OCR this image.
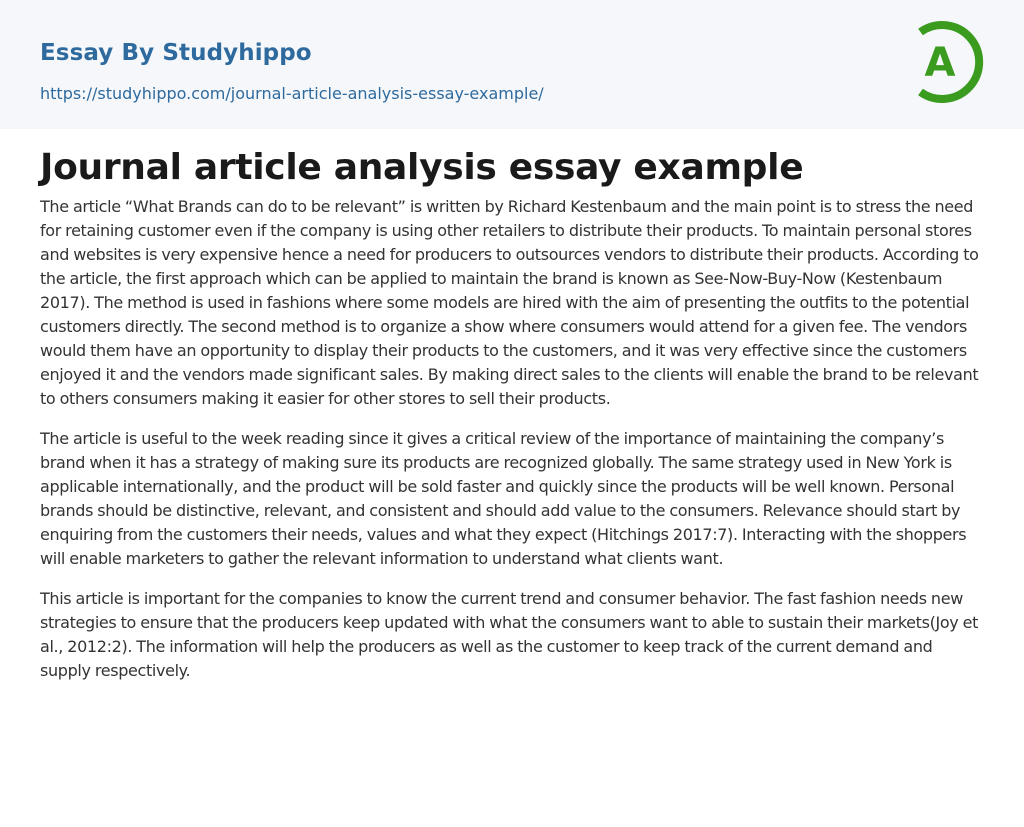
Essay By Studyhippo
https://studyhippo.com/journal-article-analysis-essay-example/
A
Journal article analysis essay example

The article “What Brands can do to be relevant” is written by Richard Kestenbaum and the main point is to stress the need for retaining customer even if the company is using other retailers to distribute their products. To maintain personal stores and websites is very expensive hence a need for producers to outsources vendors to distribute their products. According to the article, the first approach which can be applied to maintain the brand is known as See-Now-Buy-Now (Kestenbaum 2017). The method is used in fashions where some models are hired with the aim of presenting the outfits to the potential customers directly. The second method is to organize a show where consumers would attend for a given fee. The vendors would them have an opportunity to display their products to the customers, and it was very effective since the customers enjoyed it and the vendors made significant sales. By making direct sales to the clients will enable the brand to be relevant to others consumers making it easier for other stores to sell their products.

The article is useful to the week reading since it gives a critical review of the importance of maintaining the company’s brand when it has a strategy of making sure its products are recognized globally. The same strategy used in New York is applicable internationally, and the product will be sold faster and quickly since the products will be well known. Personal brands should be distinctive, relevant, and consistent and should add value to the consumers. Relevance should start by enquiring from the customers their needs, values and what they expect (Hitchings 2017:7). Interacting with the shoppers will enable marketers to gather the relevant information to understand what clients want.

This article is important for the companies to know the current trend and consumer behavior. The fast fashion needs new strategies to ensure that the producers keep updated with what the consumers want to able to sustain their markets(Joy et al., 2012:2). The information will help the producers as well as the customer to keep track of the current demand and supply respectively.
